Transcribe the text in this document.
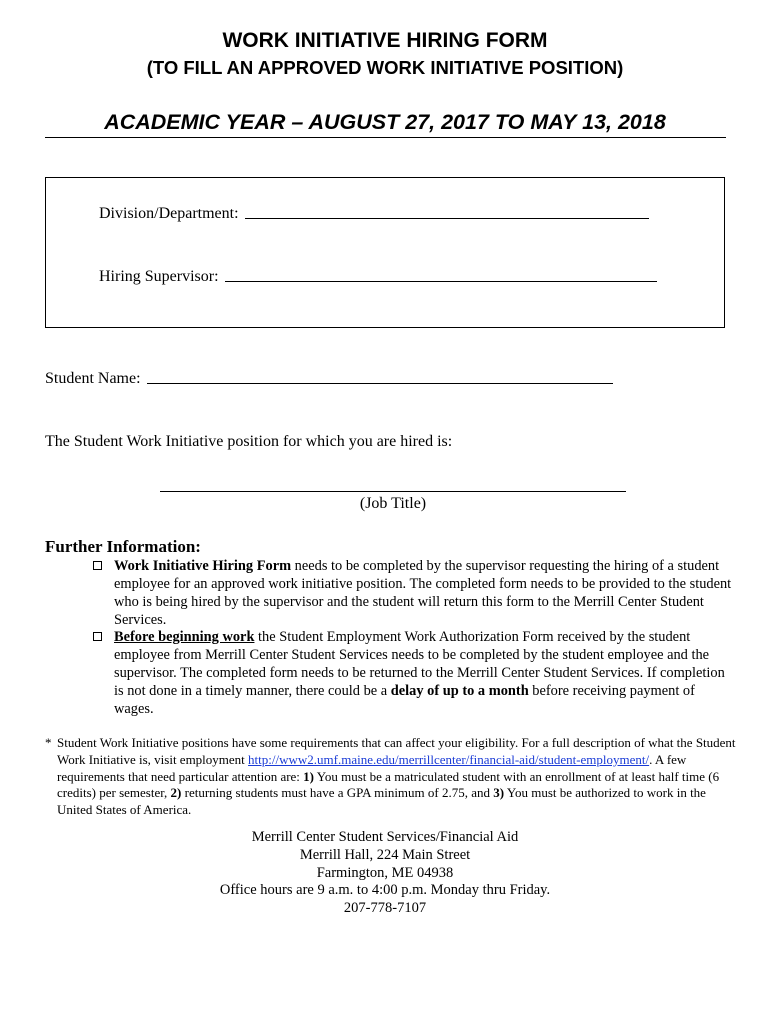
WORK INITIATIVE HIRING FORM
(TO FILL AN APPROVED WORK INITIATIVE POSITION)
ACADEMIC YEAR – AUGUST 27, 2017 TO MAY 13, 2018
Division/Department:
Hiring Supervisor:
Student Name:
The Student Work Initiative position for which you are hired is:
(Job Title)
Further Information:
Work Initiative Hiring Form needs to be completed by the supervisor requesting the hiring of a student employee for an approved work initiative position. The completed form needs to be provided to the student who is being hired by the supervisor and the student will return this form to the Merrill Center Student Services.
Before beginning work the Student Employment Work Authorization Form received by the student employee from Merrill Center Student Services needs to be completed by the student employee and the supervisor. The completed form needs to be returned to the Merrill Center Student Services. If completion is not done in a timely manner, there could be a delay of up to a month before receiving payment of wages.
* Student Work Initiative positions have some requirements that can affect your eligibility. For a full description of what the Student Work Initiative is, visit employment http://www2.umf.maine.edu/merrillcenter/financial-aid/student-employment/. A few requirements that need particular attention are: 1) You must be a matriculated student with an enrollment of at least half time (6 credits) per semester, 2) returning students must have a GPA minimum of 2.75, and 3) You must be authorized to work in the United States of America.
Merrill Center Student Services/Financial Aid
Merrill Hall, 224 Main Street
Farmington, ME 04938
Office hours are 9 a.m. to 4:00 p.m. Monday thru Friday.
207-778-7107
